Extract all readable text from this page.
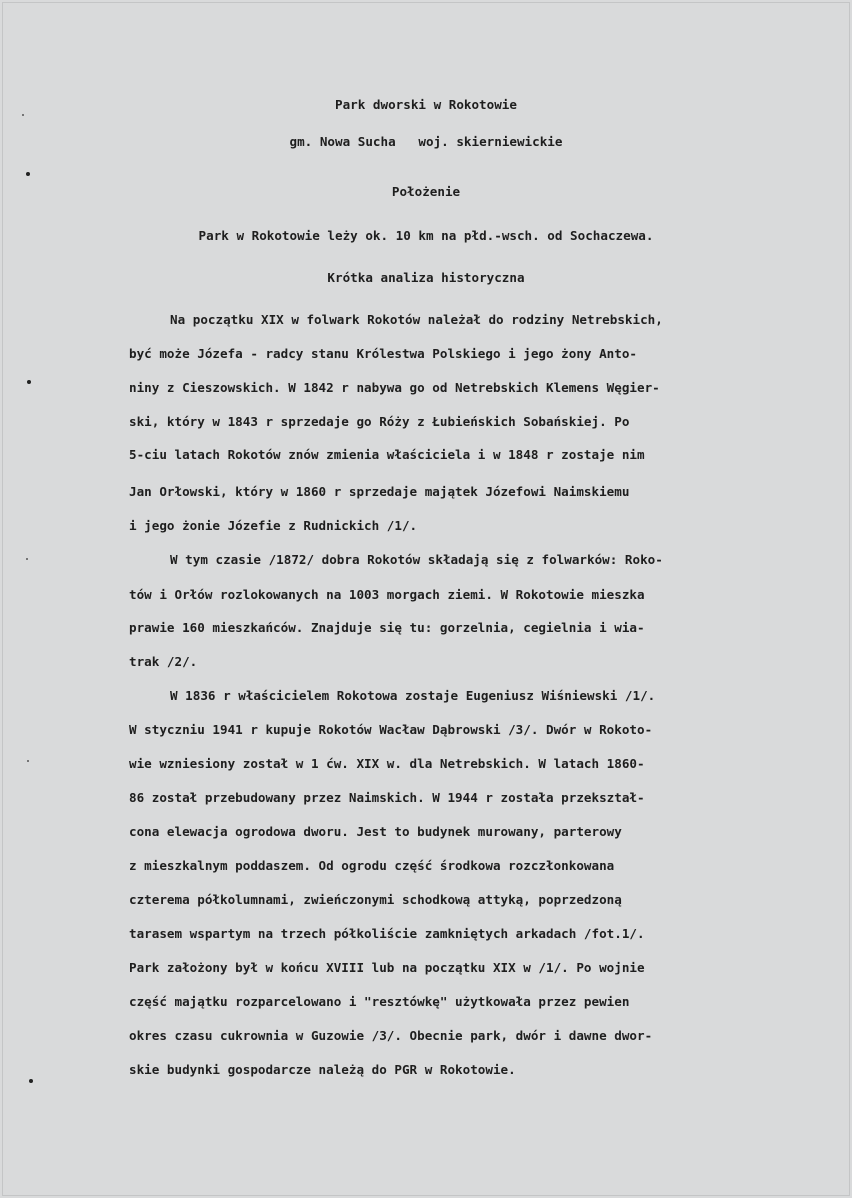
Park dworski w Rokotowie
gm. Nowa Sucha   woj. skierniewickie
Położenie
Park w Rokotowie leży ok. 10 km na płd.-wsch. od Sochaczewa.
Krótka analiza historyczna
Na początku XIX w folwark Rokotów należał do rodziny Netrebskich,
być może Józefa - radcy stanu Królestwa Polskiego i jego żony Anto-
niny z Cieszowskich. W 1842 r nabywa go od Netrebskich Klemens Węgier-
ski, który w 1843 r sprzedaje go Róży z Łubieńskich Sobańskiej. Po
5-ciu latach Rokotów znów zmienia właściciela i w 1848 r zostaje nim
Jan Orłowski, który w 1860 r sprzedaje majątek Józefowi Naimskiemu
i jego żonie Józefie z Rudnickich /1/.
W tym czasie /1872/ dobra Rokotów składają się z folwarków: Roko-
tów i Orłów rozlokowanych na 1003 morgach ziemi. W Rokotowie mieszka
prawie 160 mieszkańców. Znajduje się tu: gorzelnia, cegielnia i wia-
trak /2/.
W 1836 r właścicielem Rokotowa zostaje Eugeniusz Wiśniewski /1/.
W styczniu 1941 r kupuje Rokotów Wacław Dąbrowski /3/. Dwór w Rokoto-
wie wzniesiony został w 1 ćw. XIX w. dla Netrebskich. W latach 1860-
86 został przebudowany przez Naimskich. W 1944 r została przekształ-
cona elewacja ogrodowa dworu. Jest to budynek murowany, parterowy
z mieszkalnym poddaszem. Od ogrodu część środkowa rozczłonkowana
czterema półkolumnami, zwieńczonymi schodkową attyką, poprzedzoną
tarasem wspartym na trzech półkoliście zamkniętych arkadach /fot.1/.
Park założony był w końcu XVIII lub na początku XIX w /1/. Po wojnie
część majątku rozparcelowano i "resztówkę" użytkowała przez pewien
okres czasu cukrownia w Guzowie /3/. Obecnie park, dwór i dawne dwor-
skie budynki gospodarcze należą do PGR w Rokotowie.
